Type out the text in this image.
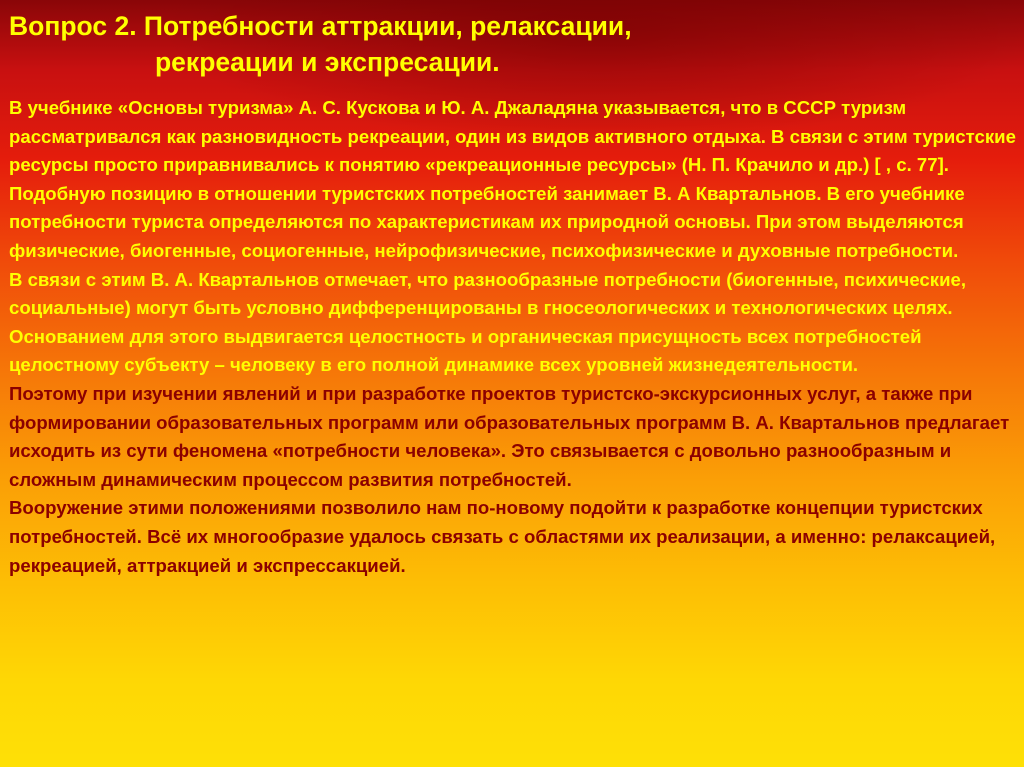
Вопрос 2. Потребности аттракции, релаксации,
рекреации и экспресации.

В учебнике «Основы туризма» А. С. Кускова и Ю. А. Джаладяна указывается, что в СССР туризм рассматривался как разновидность рекреации, один из видов активного отдыха. В связи с этим туристские ресурсы просто приравнивались к понятию «рекреационные ресурсы» (Н. П. Крачило и др.) [ , с. 77].

Подобную позицию в отношении туристских потребностей занимает В. А Квартальнов. В его учебнике потребности туриста определяются по характеристикам их природной основы. При этом выделяются физические, биогенные, социогенные, нейрофизические, психофизические и духовные потребности.

В связи с этим В. А. Квартальнов отмечает, что разнообразные потребности (биогенные, психические, социальные) могут быть условно дифференцированы в гносеологических и технологических целях. Основанием для этого выдвигается целостность и органическая присущность всех потребностей целостному субъекту – человеку в его полной динамике всех уровней жизнедеятельности.

Поэтому при изучении явлений и при разработке проектов туристско-экскурсионных услуг, а также при формировании образовательных программ или образовательных программ В. А. Квартальнов предлагает исходить из сути феномена «потребности человека». Это связывается с довольно разнообразным и сложным динамическим процессом развития потребностей.

Вооружение этими положениями позволило нам по-новому подойти к разработке концепции туристских потребностей. Всё их многообразие удалось связать с областями их реализации, а именно: релаксацией, рекреацией, аттракцией и экспрессакцией.
